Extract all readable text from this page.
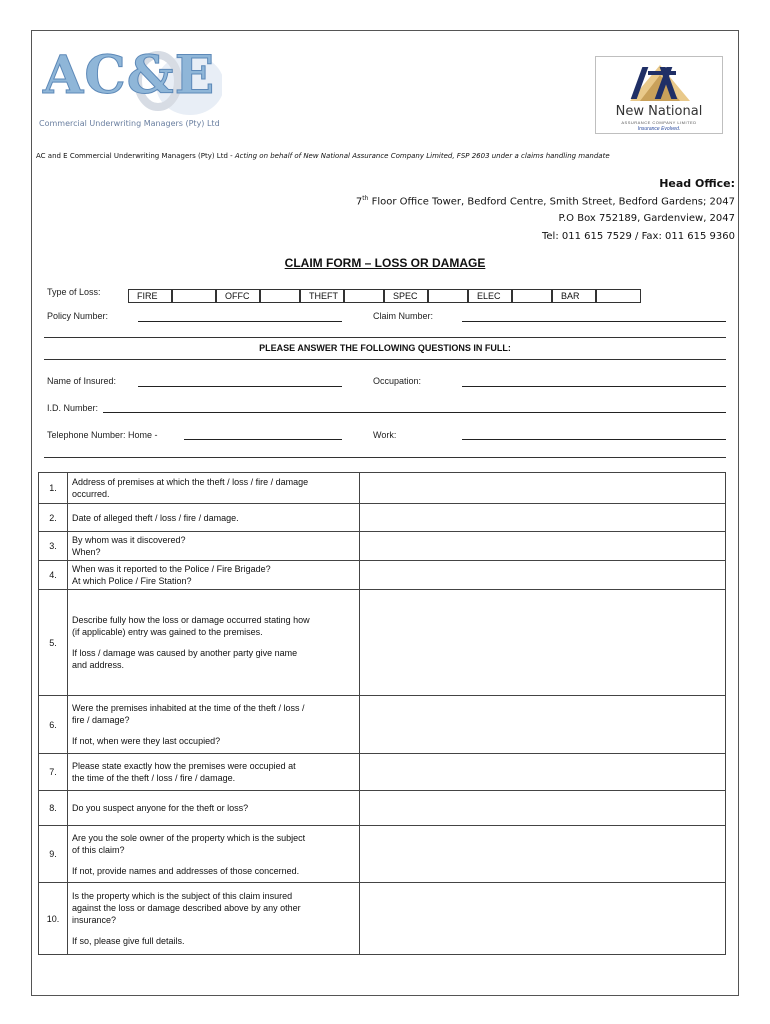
AC&E
Commercial Underwriting Managers (Pty) Ltd
New National
ASSURANCE COMPANY LIMITED
Insurance Evolved.
AC and E Commercial Underwriting Managers (Pty) Ltd - Acting on behalf of New National Assurance Company Limited, FSP 2603 under a claims handling mandate
Head Office:
7th Floor Office Tower, Bedford Centre, Smith Street, Bedford Gardens; 2047
P.O Box 752189, Gardenview, 2047
Tel: 011 615 7529 / Fax: 011 615 9360
CLAIM FORM – LOSS OR DAMAGE
Type of Loss:	FIRE	OFFC	THEFT	SPEC	ELEC	BAR
Policy Number:	Claim Number:
PLEASE ANSWER THE FOLLOWING QUESTIONS IN FULL:
Name of Insured:	Occupation:
I.D. Number:
Telephone Number: Home -	Work:
1.	Address of premises at which the theft / loss / fire / damage
occurred.	

2.	Date of alleged theft / loss / fire / damage.	

3.	By whom was it discovered?
When?	

4.	When was it reported to the Police / Fire Brigade?
At which Police / Fire Station?	

5.	Describe fully how the loss or damage occurred stating how
(if applicable) entry was gained to the premises.
If loss / damage was caused by another party give name
and address.	

6.	Were the premises inhabited at the time of the theft / loss /
fire / damage?
If not, when were they last occupied?	

7.	Please state exactly how the premises were occupied at
the time of the theft / loss / fire / damage.	

8.	Do you suspect anyone for the theft or loss?	

9.	Are you the sole owner of the property which is the subject
of this claim?
If not, provide names and addresses of those concerned.	

10.	Is the property which is the subject of this claim insured
against the loss or damage described above by any other
insurance?
If so, please give full details.	
